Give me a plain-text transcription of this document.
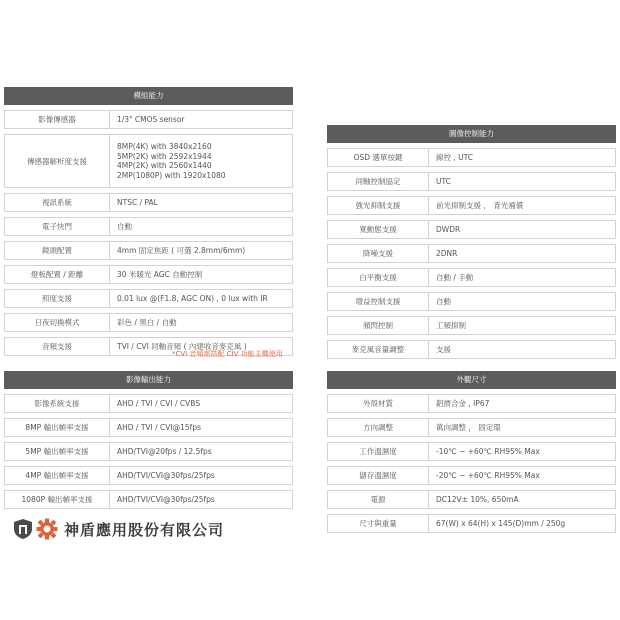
模組能力
影像傳感器	1/3" CMOS sensor
傳感器解析度支援
8MP(4K) with 3840x2160
5MP(2K) with 2592x1944
4MP(2K) with 2560x1440
2MP(1080P) with 1920x1080
視訊系統	NTSC / PAL
電子快門	自動
鏡頭配置	4mm 固定焦距 ( 可選 2.8mm/6mm)
燈板配置 / 距離	30 米暖光 AGC 自動控制
照度支援	0.01 lux @(F1.8, AGC ON) , 0 lux with IR
日夜切換模式	彩色 / 黑白 / 自動
音頻支援	TVI / CVI 同軸音頻 ( 內建收音麥克風 )
*CVI 音頻需搭配 CIV 功能主機使用
圖像控制能力
OSD 選單按鍵	線控 , UTC
同軸控制協定	UTC
強光抑制支援	前光抑制支援 ， 背光補償
寬動態支援	DWDR
降噪支援	2DNR
白平衡支援	自動 / 手動
增益控制支援	自動
頻閃控制	工頻抑制
麥克風音量調整	支援
影像輸出能力
影像系統支援	AHD / TVI / CVI / CVBS
8MP 輸出幀率支援	AHD / TVI / CVI@15fps
5MP 輸出幀率支援	AHD/TVI@20fps / 12.5fps
4MP 輸出幀率支援	AHD/TVI/CVI@30fps/25fps
1080P 輸出幀率支援	AHD/TVI/CVI@30fps/25fps
外觀尺寸
外殼材質	鋁擠合金 , IP67
方向調整	萬向調整 ， 固定環
工作溫濕度	-10℃ ~ +60℃ RH95% Max
儲存溫濕度	-20℃ ~ +60℃ RH95% Max
電源	DC12V± 10%, 650mA
尺寸與重量	67(W) x 64(H) x 145(D)mm / 250g
神盾應用股份有限公司
